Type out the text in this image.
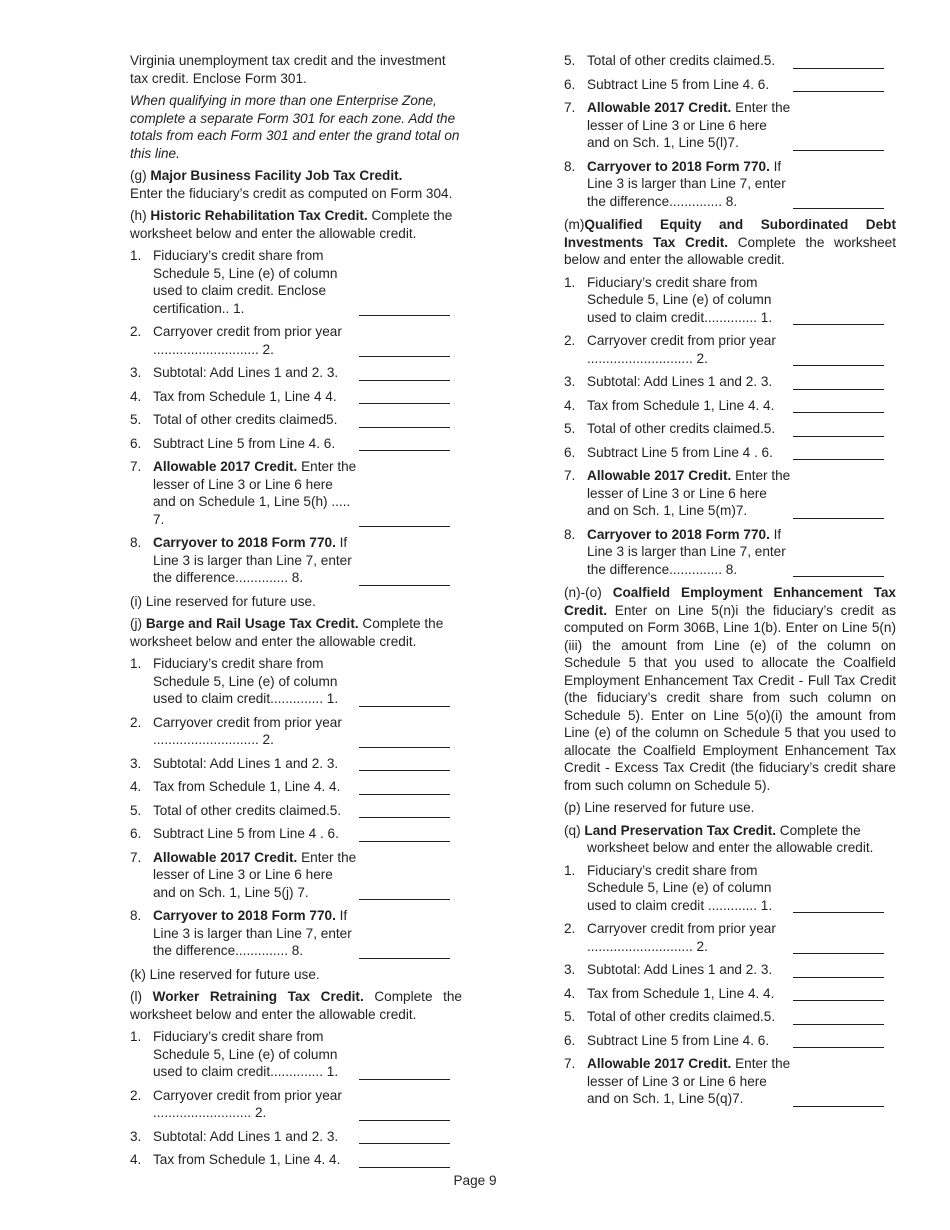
Virginia unemployment tax credit and the investment tax credit. Enclose Form 301.

When qualifying in more than one Enterprise Zone, complete a separate Form 301 for each zone. Add the totals from each Form 301 and enter the grand total on this line.

(g) Major Business Facility Job Tax Credit.
Enter the fiduciary’s credit as computed on Form 304.

(h) Historic Rehabilitation Tax Credit. Complete the worksheet below and enter the allowable credit.

1. Fiduciary’s credit share from Schedule 5, Line (e) of column used to claim credit. Enclose certification.. 1.
2. Carryover credit from prior year ............................ 2.
3. Subtotal: Add Lines 1 and 2. 3.
4. Tax from Schedule 1, Line 4 4.
5. Total of other credits claimed5.
6. Subtract Line 5 from Line 4. 6.
7. Allowable 2017 Credit. Enter the lesser of Line 3 or Line 6 here and on Schedule 1, Line 5(h) ..... 7.
8. Carryover to 2018 Form 770. If Line 3 is larger than Line 7, enter the difference.............. 8.

(i) Line reserved for future use.

(j) Barge and Rail Usage Tax Credit. Complete the worksheet below and enter the allowable credit.

1. Fiduciary’s credit share from Schedule 5, Line (e) of column used to claim credit.............. 1.
2. Carryover credit from prior year ............................ 2.
3. Subtotal: Add Lines 1 and 2. 3.
4. Tax from Schedule 1, Line 4. 4.
5. Total of other credits claimed.5.
6. Subtract Line 5 from Line 4 . 6.
7. Allowable 2017 Credit. Enter the lesser of Line 3 or Line 6 here and on Sch. 1, Line 5(j) 7.
8. Carryover to 2018 Form 770. If Line 3 is larger than Line 7, enter the difference.............. 8.

(k) Line reserved for future use.

(l) Worker Retraining Tax Credit. Complete the worksheet below and enter the allowable credit.

1. Fiduciary’s credit share from Schedule 5, Line (e) of column used to claim credit.............. 1.
2. Carryover credit from prior year .......................... 2.
3. Subtotal: Add Lines 1 and 2. 3.
4. Tax from Schedule 1, Line 4. 4.
5. Total of other credits claimed.5.
6. Subtract Line 5 from Line 4. 6.
7. Allowable 2017 Credit. Enter the lesser of Line 3 or Line 6 here and on Sch. 1, Line 5(l)7.
8. Carryover to 2018 Form 770. If Line 3 is larger than Line 7, enter the difference.............. 8.

(m)Qualified Equity and Subordinated Debt Investments Tax Credit. Complete the worksheet below and enter the allowable credit.

1. Fiduciary’s credit share from Schedule 5, Line (e) of column used to claim credit.............. 1.
2. Carryover credit from prior year ............................ 2.
3. Subtotal: Add Lines 1 and 2. 3.
4. Tax from Schedule 1, Line 4. 4.
5. Total of other credits claimed.5.
6. Subtract Line 5 from Line 4 . 6.
7. Allowable 2017 Credit. Enter the lesser of Line 3 or Line 6 here and on Sch. 1, Line 5(m)7.
8. Carryover to 2018 Form 770. If Line 3 is larger than Line 7, enter the difference.............. 8.

(n)-(o) Coalfield Employment Enhancement Tax Credit. Enter on Line 5(n)i the fiduciary’s credit as computed on Form 306B, Line 1(b). Enter on Line 5(n)(iii) the amount from Line (e) of the column on Schedule 5 that you used to allocate the Coalfield Employment Enhancement Tax Credit - Full Tax Credit (the fiduciary’s credit share from such column on Schedule 5). Enter on Line 5(o)(i) the amount from Line (e) of the column on Schedule 5 that you used to allocate the Coalfield Employment Enhancement Tax Credit - Excess Tax Credit (the fiduciary’s credit share from such column on Schedule 5).

(p) Line reserved for future use.

(q) Land Preservation Tax Credit. Complete the worksheet below and enter the allowable credit.

1. Fiduciary’s credit share from Schedule 5, Line (e) of column used to claim credit ............. 1.
2. Carryover credit from prior year ............................ 2.
3. Subtotal: Add Lines 1 and 2. 3.
4. Tax from Schedule 1, Line 4. 4.
5. Total of other credits claimed.5.
6. Subtract Line 5 from Line 4. 6.
7. Allowable 2017 Credit. Enter the lesser of Line 3 or Line 6 here and on Sch. 1, Line 5(q)7.
Page 9
